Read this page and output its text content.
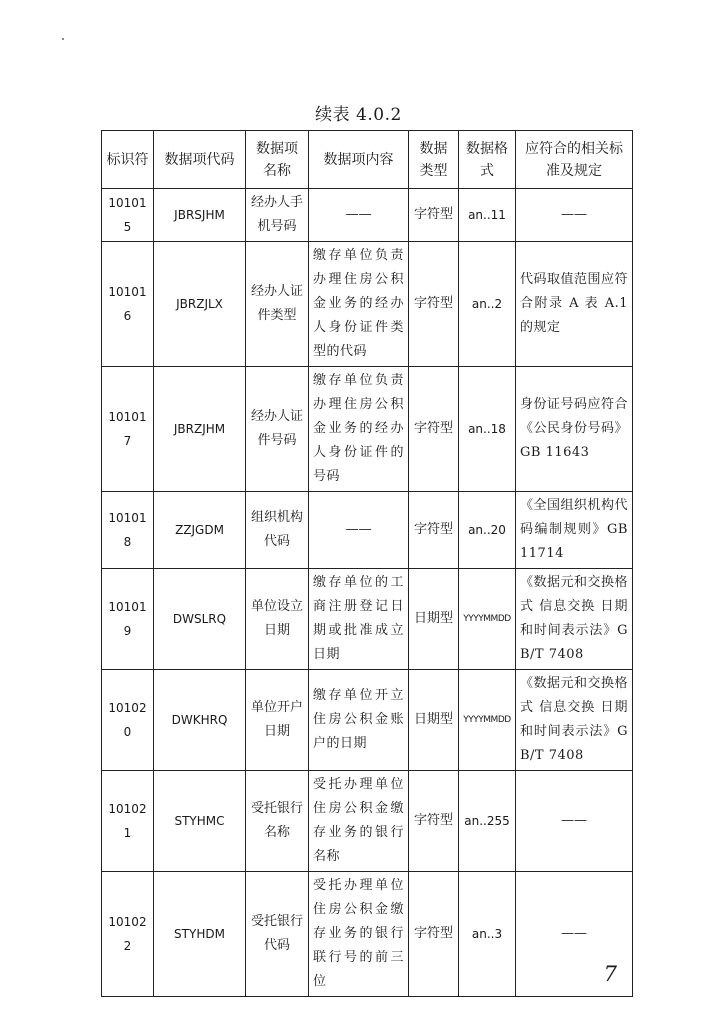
续表 4.0.2
标识符	数据项代码	数据项名称	数据项内容	数据类型	数据格式	应符合的相关标准及规定
101015	JBRSJHM	经办人手机号码	——	字符型	an..11	——
101016	JBRZJLX	经办人证件类型	缴存单位负责办理住房公积金业务的经办人身份证件类型的代码	字符型	an..2	代码取值范围应符合附录 A 表 A.1 的规定
101017	JBRZJHM	经办人证件号码	缴存单位负责办理住房公积金业务的经办人身份证件的号码	字符型	an..18	身份证号码应符合《公民身份号码》GB 11643
101018	ZZJGDM	组织机构代码	——	字符型	an..20	《全国组织机构代码编制规则》GB 11714
101019	DWSLRQ	单位设立日期	缴存单位的工商注册登记日期或批准成立日期	日期型	YYYYMMDD	《数据元和交换格式 信息交换 日期和时间表示法》GB/T 7408
101020	DWKHRQ	单位开户日期	缴存单位开立住房公积金账户的日期	日期型	YYYYMMDD	《数据元和交换格式 信息交换 日期和时间表示法》GB/T 7408
101021	STYHMC	受托银行名称	受托办理单位住房公积金缴存业务的银行名称	字符型	an..255	——
101022	STYHDM	受托银行代码	受托办理单位住房公积金缴存业务的银行联行号的前三位	字符型	an..3	——
7
